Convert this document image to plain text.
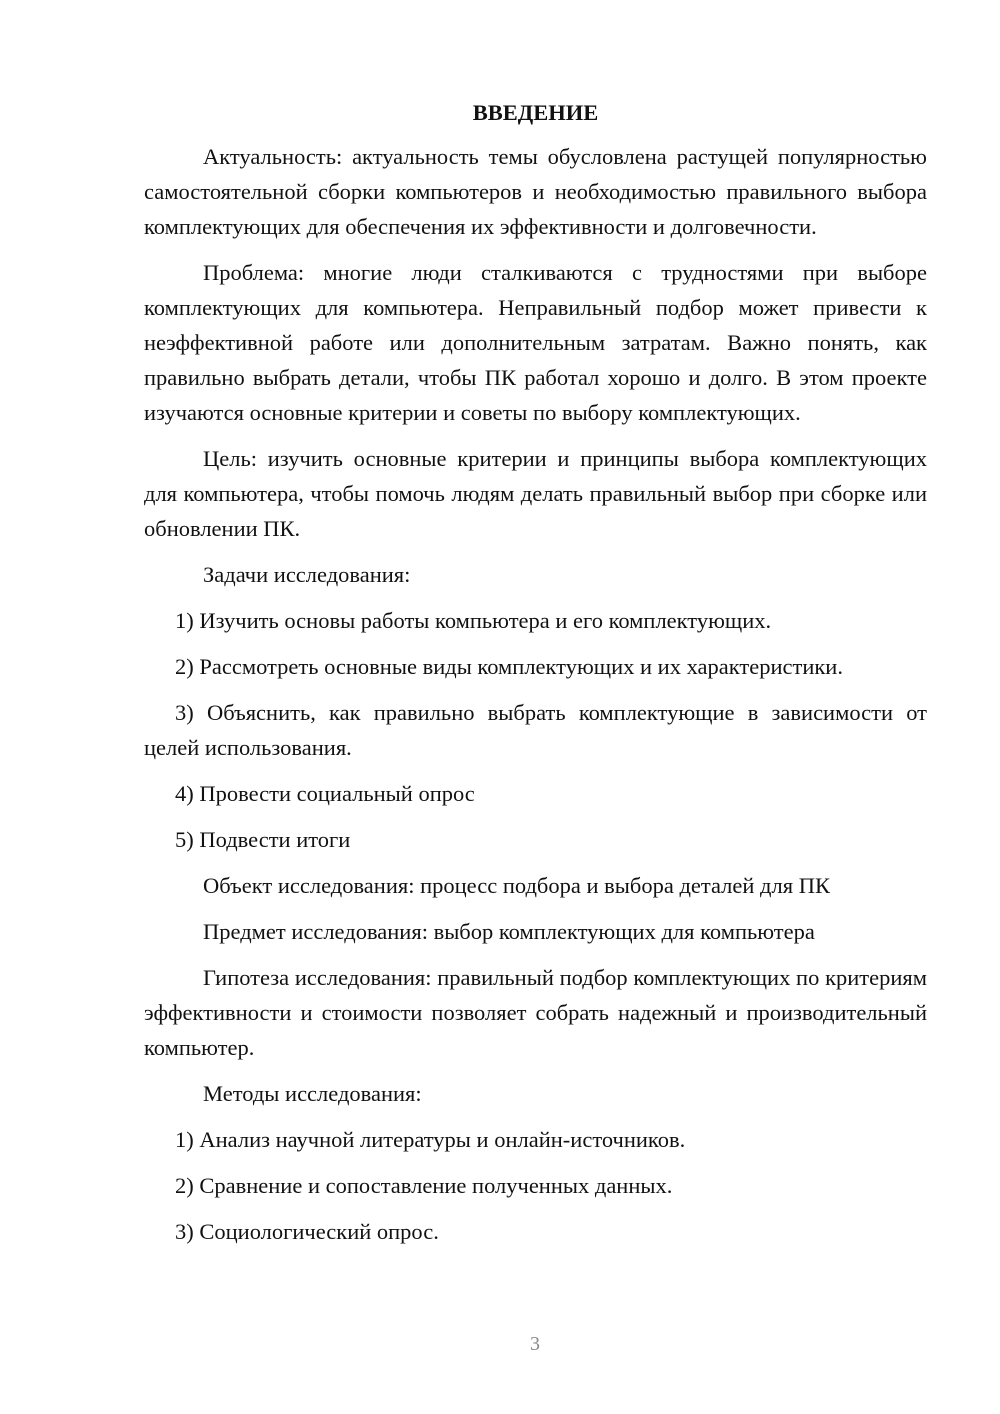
ВВЕДЕНИЕ
Актуальность: актуальность темы обусловлена растущей популярностью самостоятельной сборки компьютеров и необходимостью правильного выбора комплектующих для обеспечения их эффективности и долговечности.
Проблема: многие люди сталкиваются с трудностями при выборе комплектующих для компьютера. Неправильный подбор может привести к неэффективной работе или дополнительным затратам. Важно понять, как правильно выбрать детали, чтобы ПК работал хорошо и долго. В этом проекте изучаются основные критерии и советы по выбору комплектующих.
Цель: изучить основные критерии и принципы выбора комплектующих для компьютера, чтобы помочь людям делать правильный выбор при сборке или обновлении ПК.
Задачи исследования:
1) Изучить основы работы компьютера и его комплектующих.
2) Рассмотреть основные виды комплектующих и их характеристики.
3) Объяснить, как правильно выбрать комплектующие в зависимости от целей использования.
4) Провести социальный опрос
5) Подвести итоги
Объект исследования: процесс подбора и выбора деталей для ПК
Предмет исследования: выбор комплектующих для компьютера
Гипотеза исследования: правильный подбор комплектующих по критериям эффективности и стоимости позволяет собрать надежный и производительный компьютер.
Методы исследования:
1) Анализ научной литературы и онлайн-источников.
2) Сравнение и сопоставление полученных данных.
3) Социологический опрос.
3
